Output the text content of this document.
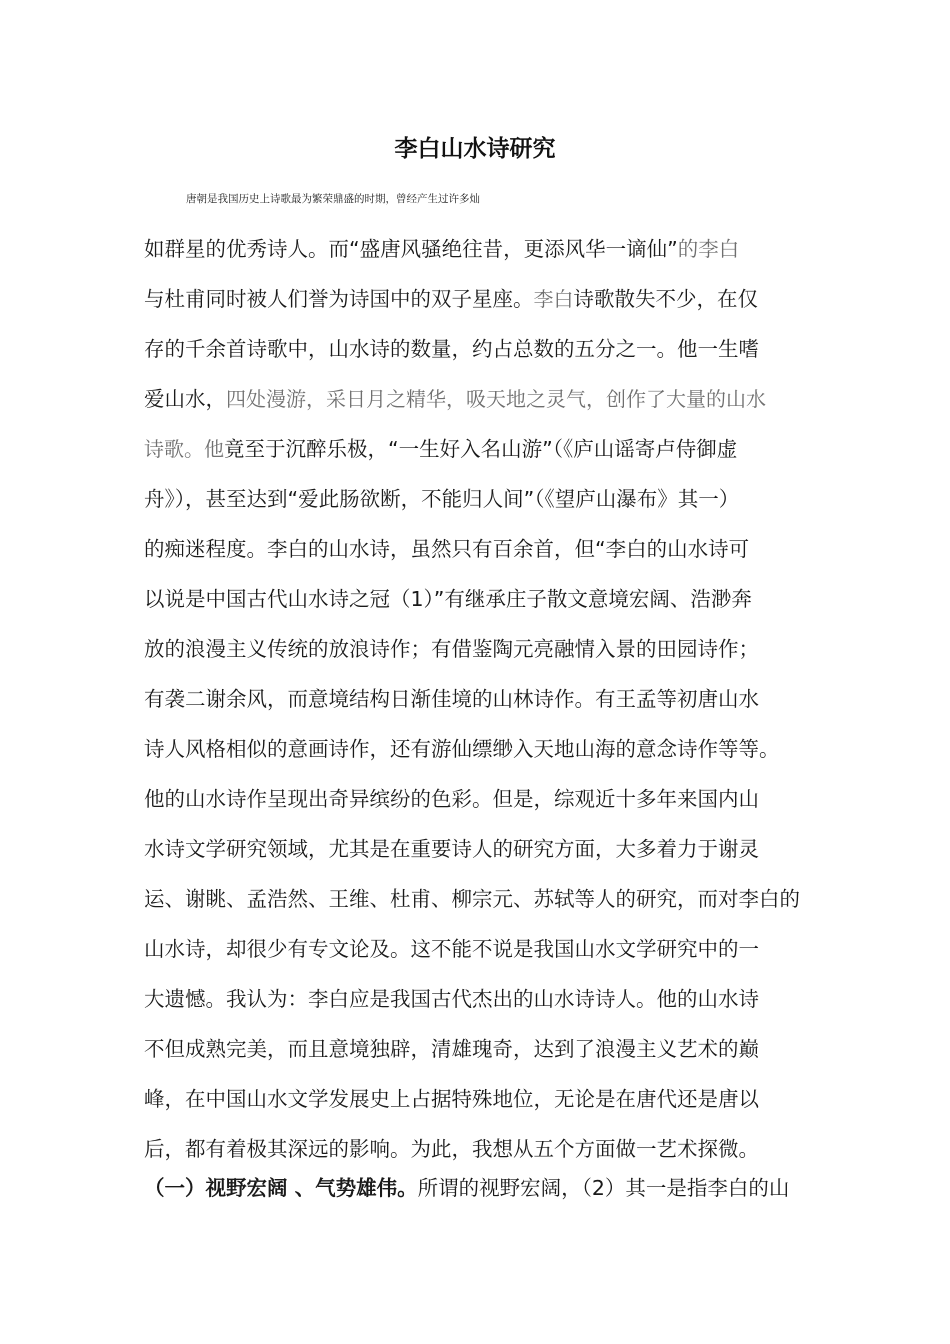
李白山水诗研究
唐朝是我国历史上诗歌最为繁荣鼎盛的时期，曾经产生过许多灿
如群星的优秀诗人。而“盛唐风骚绝往昔，更添风华一谪仙”的李白
与杜甫同时被人们誉为诗国中的双子星座。李白诗歌散失不少，在仅
存的千余首诗歌中，山水诗的数量，约占总数的五分之一。他一生嗜
爱山水，四处漫游，采日月之精华，吸天地之灵气，创作了大量的山水
诗歌。他竟至于沉醉乐极，“一生好入名山游”（《庐山谣寄卢侍御虚
舟》），甚至达到“爱此肠欲断，不能归人间”（《望庐山瀑布》其一）
的痴迷程度。李白的山水诗，虽然只有百余首，但“李白的山水诗可
以说是中国古代山水诗之冠（1）”有继承庄子散文意境宏阔、浩渺奔
放的浪漫主义传统的放浪诗作；有借鉴陶元亮融情入景的田园诗作；
有袭二谢余风，而意境结构日渐佳境的山林诗作。有王孟等初唐山水
诗人风格相似的意画诗作，还有游仙缥缈入天地山海的意念诗作等等。
他的山水诗作呈现出奇异缤纷的色彩。但是，综观近十多年来国内山
水诗文学研究领域，尤其是在重要诗人的研究方面，大多着力于谢灵
运、谢眺、孟浩然、王维、杜甫、柳宗元、苏轼等人的研究，而对李白的
山水诗，却很少有专文论及。这不能不说是我国山水文学研究中的一
大遗憾。我认为：李白应是我国古代杰出的山水诗诗人。他的山水诗
不但成熟完美，而且意境独辟，清雄瑰奇，达到了浪漫主义艺术的巅
峰，在中国山水文学发展史上占据特殊地位，无论是在唐代还是唐以
后，都有着极其深远的影响。为此，我想从五个方面做一艺术探微。
（一）视野宏阔 、气势雄伟。所谓的视野宏阔，（2）其一是指李白的山
